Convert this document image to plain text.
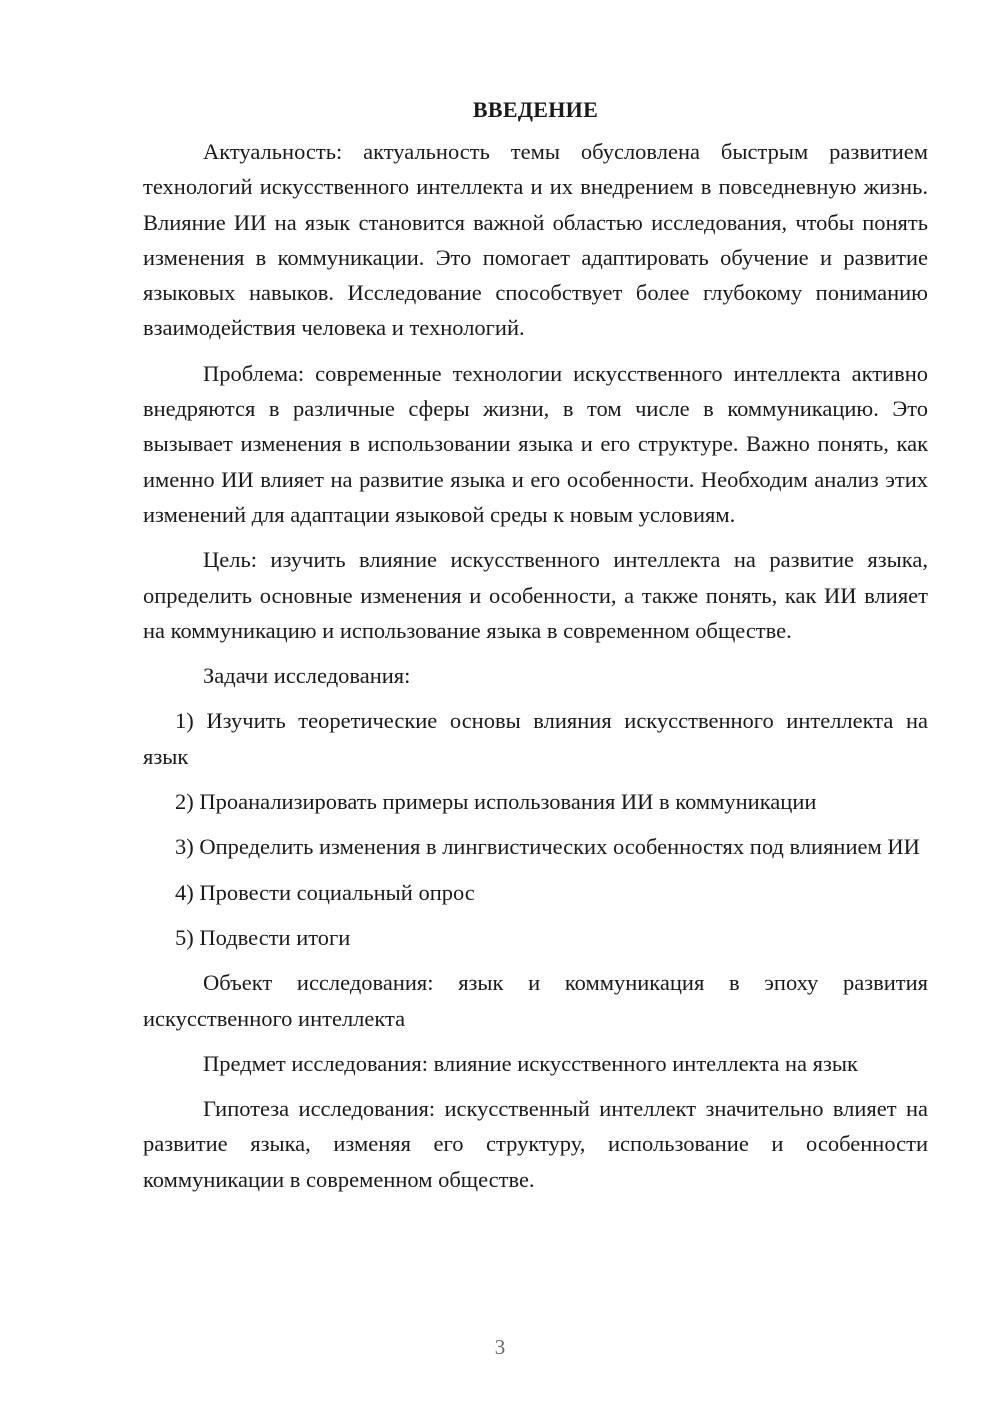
ВВЕДЕНИЕ

Актуальность: актуальность темы обусловлена быстрым развитием технологий искусственного интеллекта и их внедрением в повседневную жизнь. Влияние ИИ на язык становится важной областью исследования, чтобы понять изменения в коммуникации. Это помогает адаптировать обучение и развитие языковых навыков. Исследование способствует более глубокому пониманию взаимодействия человека и технологий.

Проблема: современные технологии искусственного интеллекта активно внедряются в различные сферы жизни, в том числе в коммуникацию. Это вызывает изменения в использовании языка и его структуре. Важно понять, как именно ИИ влияет на развитие языка и его особенности. Необходим анализ этих изменений для адаптации языковой среды к новым условиям.

Цель: изучить влияние искусственного интеллекта на развитие языка, определить основные изменения и особенности, а также понять, как ИИ влияет на коммуникацию и использование языка в современном обществе.

Задачи исследования:

1) Изучить теоретические основы влияния искусственного интеллекта на язык

2) Проанализировать примеры использования ИИ в коммуникации

3) Определить изменения в лингвистических особенностях под влиянием ИИ

4) Провести социальный опрос

5) Подвести итоги

Объект исследования: язык и коммуникация в эпоху развития искусственного интеллекта

Предмет исследования: влияние искусственного интеллекта на язык

Гипотеза исследования: искусственный интеллект значительно влияет на развитие языка, изменяя его структуру, использование и особенности коммуникации в современном обществе.

3
